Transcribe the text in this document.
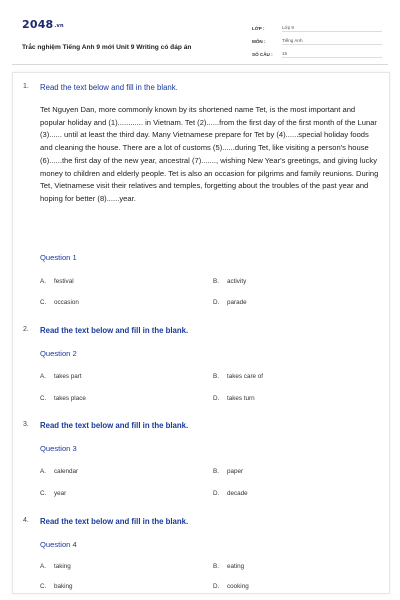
2048.vn
Trắc nghiệm Tiếng Anh 9 mới Unit 9 Writing có đáp án
LỚP :	Lớp 9
MÔN :	Tiếng Anh
SỐ CÂU :	15
1. Read the text below and fill in the blank.
Tet Nguyen Dan, more commonly known by its shortened name Tet, is the most important and popular holiday and (1)............ in Vietnam. Tet (2)......from the first day of the first month of the Lunar (3)...... until at least the third day. Many Vietnamese prepare for Tet by (4)......special holiday foods and cleaning the house. There are a lot of customs (5)......during Tet, like visiting a person's house (6)......the first day of the new year, ancestral (7)......., wishing New Year's greetings, and giving lucky money to children and elderly people. Tet is also an occasion for pilgrims and family reunions. During Tet, Vietnamese visit their relatives and temples, forgetting about the troubles of the past year and hoping for better (8)......year.
Question 1
A. festival	B. activity
C. occasion	D. parade
2. Read the text below and fill in the blank.
Question 2
A. takes part	B. takes care of
C. takes place	D. takes turn
3. Read the text below and fill in the blank.
Question 3
A. calendar	B. paper
C. year	D. decade
4. Read the text below and fill in the blank.
Question 4
A. taking	B. eating
C. baking	D. cooking
